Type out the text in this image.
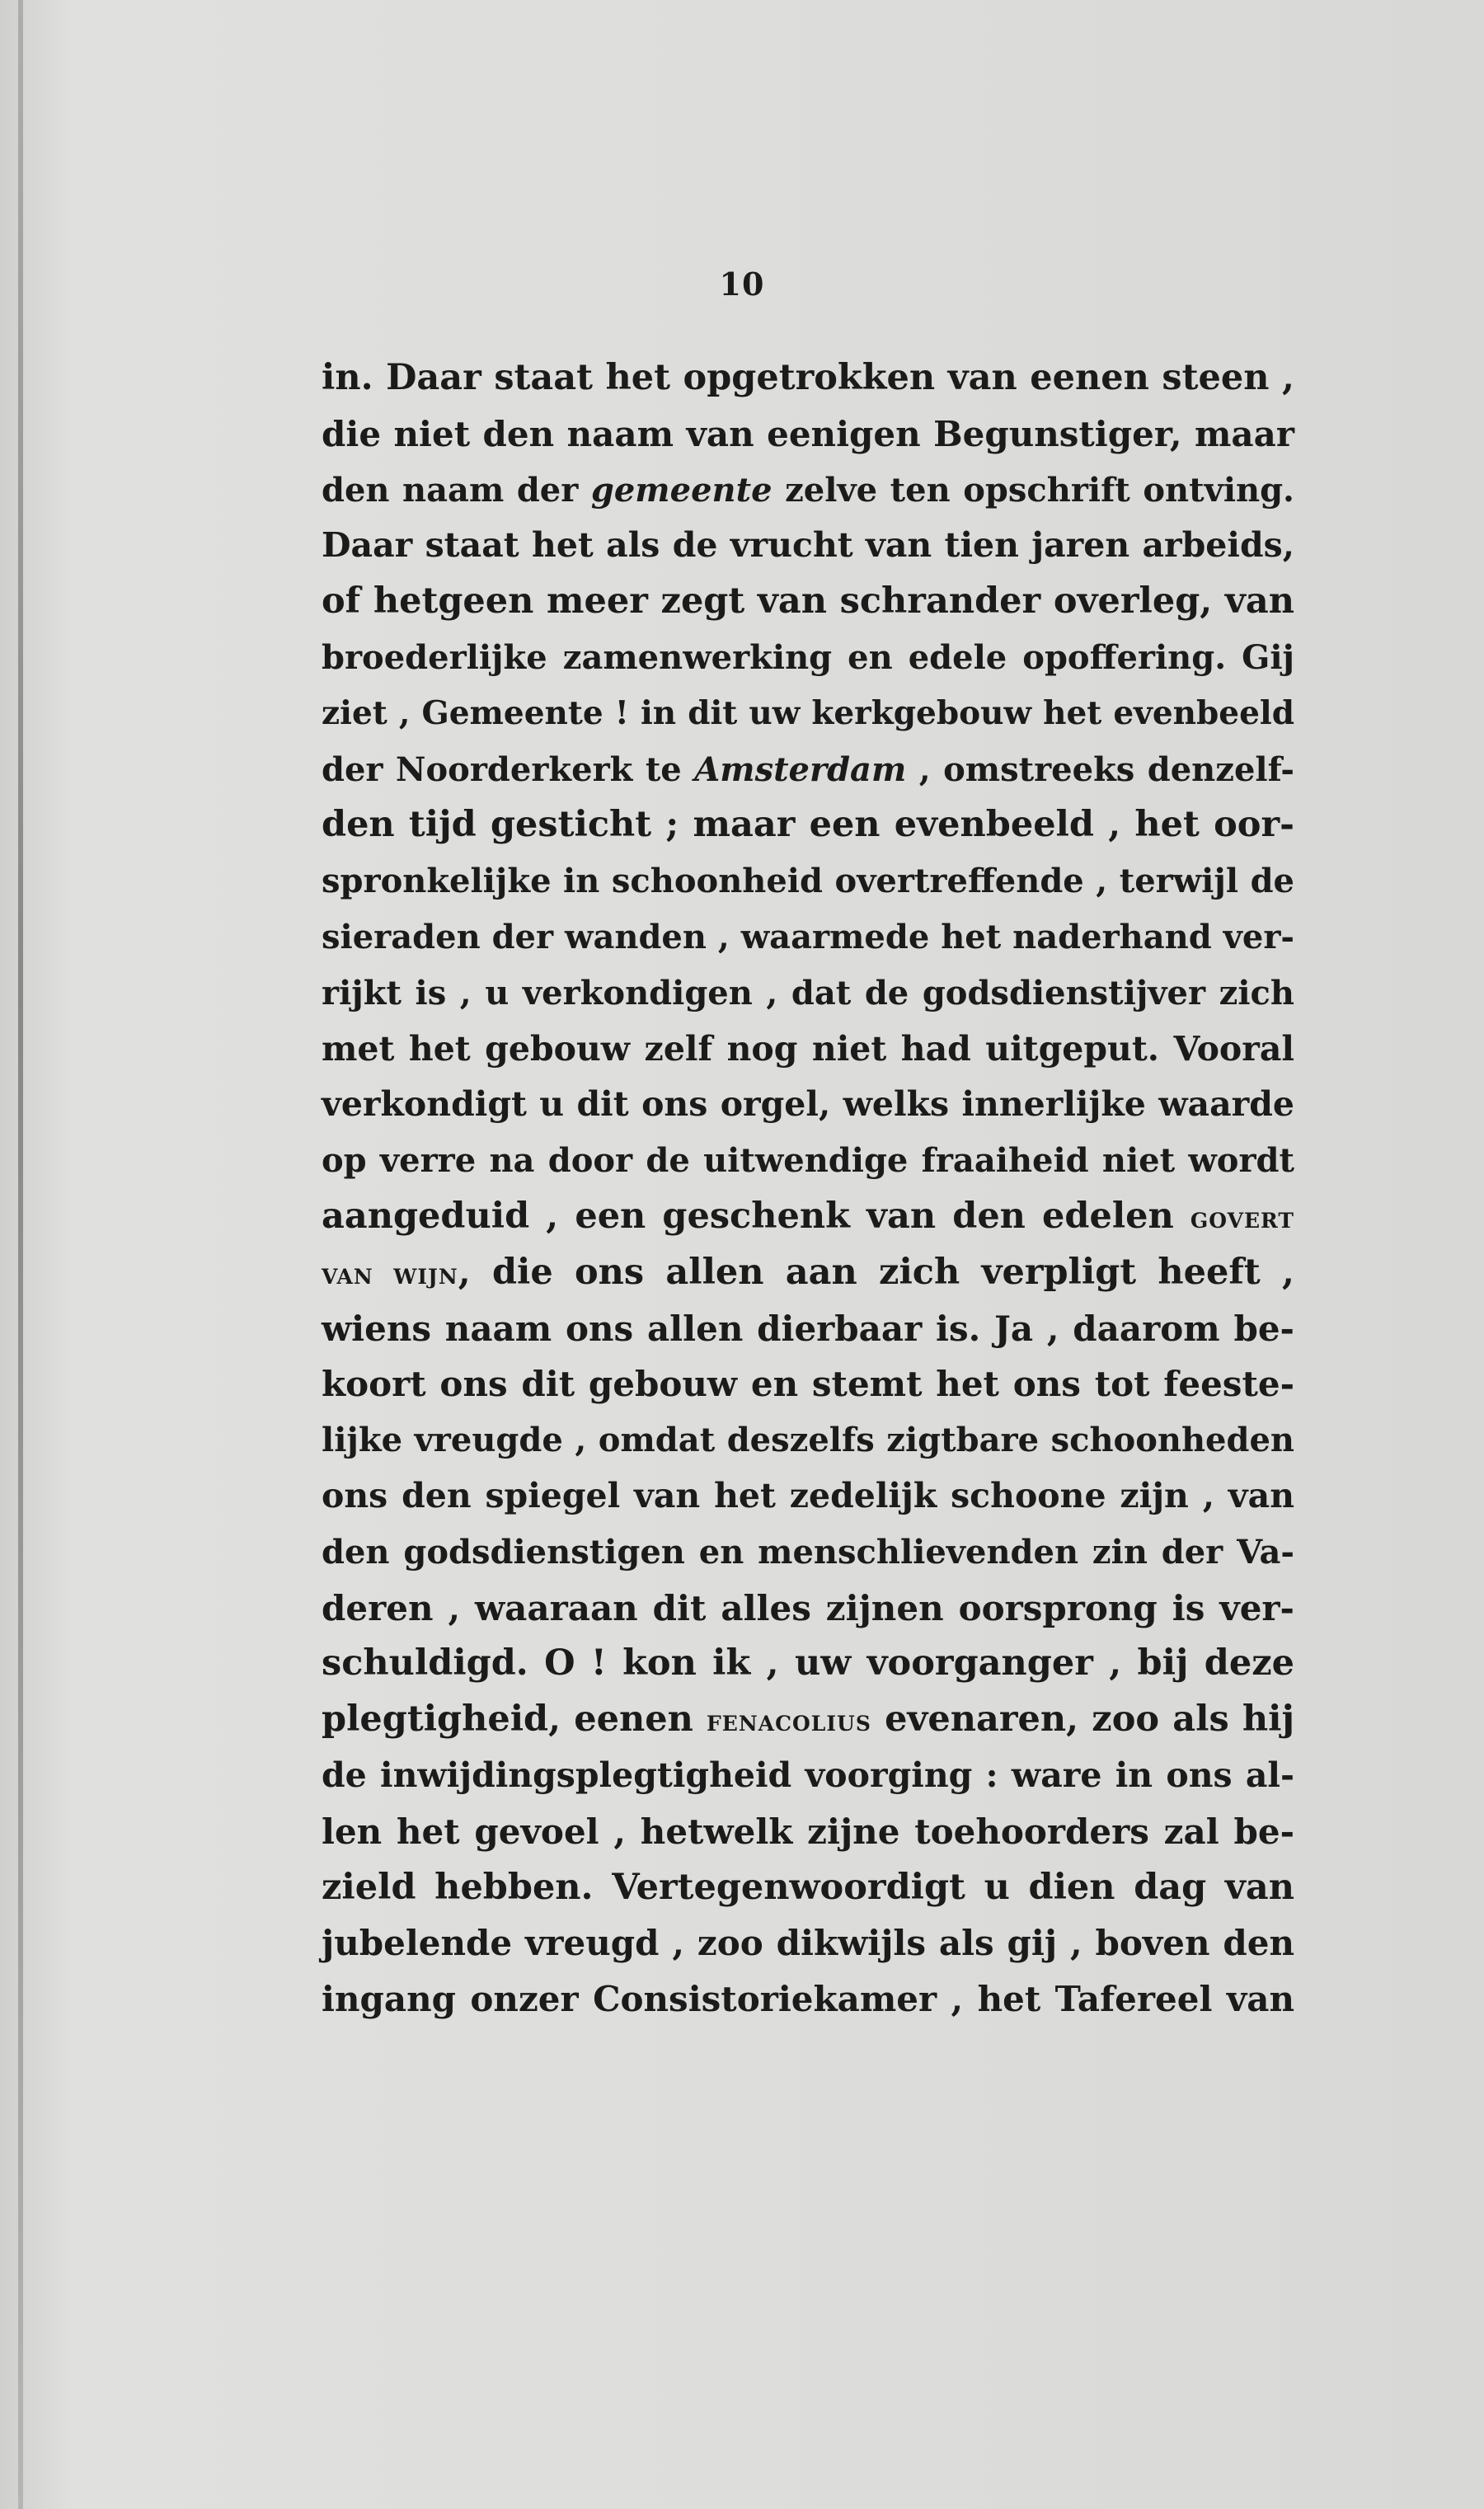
10
in. Daar staat het opgetrokken van eenen steen ,
die niet den naam van eenigen Begunstiger, maar
den naam der gemeente zelve ten opschrift ontving.
Daar staat het als de vrucht van tien jaren arbeids,
of hetgeen meer zegt van schrander overleg, van
broederlijke zamenwerking en edele opoffering. Gij
ziet , Gemeente ! in dit uw kerkgebouw het evenbeeld
der Noorderkerk te Amsterdam , omstreeks denzelf-
den tijd gesticht ; maar een evenbeeld , het oor-
spronkelijke in schoonheid overtreffende , terwijl de
sieraden der wanden , waarmede het naderhand ver-
rijkt is , u verkondigen , dat de godsdienstijver zich
met het gebouw zelf nog niet had uitgeput. Vooral
verkondigt u dit ons orgel, welks innerlijke waarde
op verre na door de uitwendige fraaiheid niet wordt
aangeduid , een geschenk van den edelen govert
van wijn, die ons allen aan zich verpligt heeft ,
wiens naam ons allen dierbaar is. Ja , daarom be-
koort ons dit gebouw en stemt het ons tot feeste-
lijke vreugde , omdat deszelfs zigtbare schoonheden
ons den spiegel van het zedelijk schoone zijn , van
den godsdienstigen en menschlievenden zin der Va-
deren , waaraan dit alles zijnen oorsprong is ver-
schuldigd. O ! kon ik , uw voorganger , bij deze
plegtigheid, eenen fenacolius evenaren, zoo als hij
de inwijdingsplegtigheid voorging : ware in ons al-
len het gevoel , hetwelk zijne toehoorders zal be-
zield hebben. Vertegenwoordigt u dien dag van
jubelende vreugd , zoo dikwijls als gij , boven den
ingang onzer Consistoriekamer , het Tafereel van
